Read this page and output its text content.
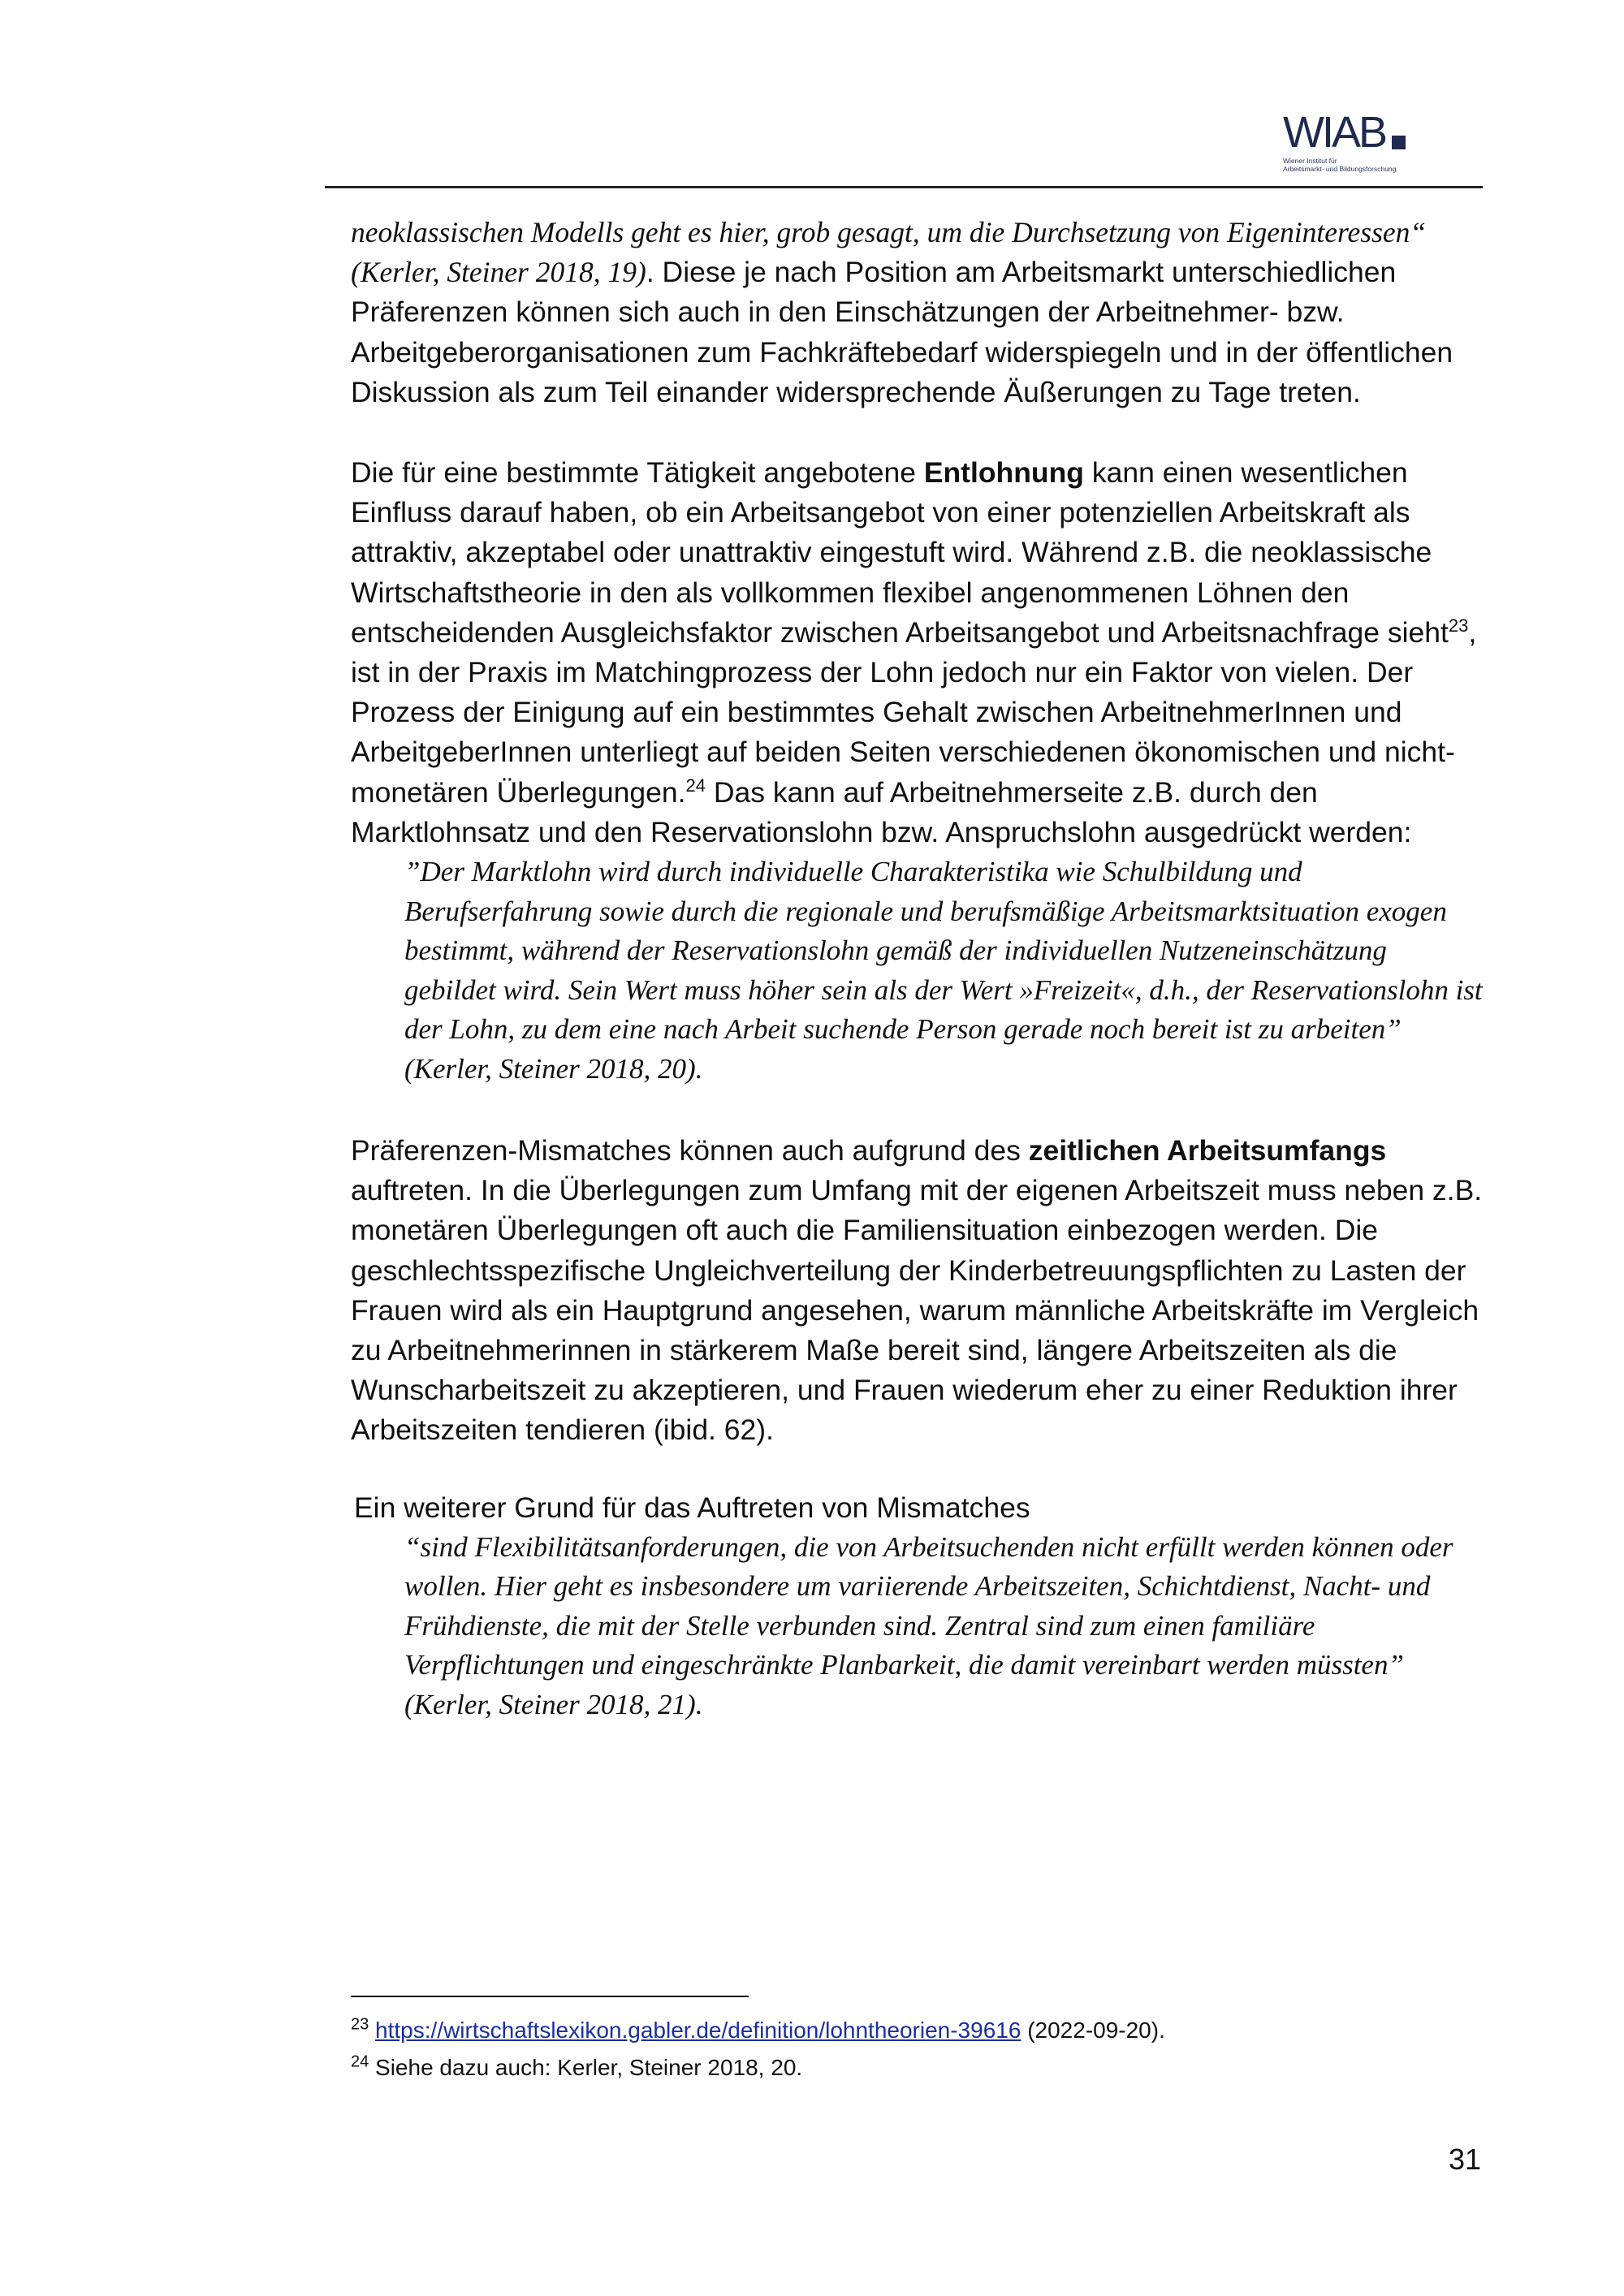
WIAB
Wiener Institut für
Arbeitsmarkt- und Bildungsforschung

neoklassischen Modells geht es hier, grob gesagt, um die Durchsetzung von Eigeninteressen“ (Kerler, Steiner 2018, 19). Diese je nach Position am Arbeitsmarkt unterschiedlichen Präferenzen können sich auch in den Einschätzungen der Arbeitnehmer- bzw. Arbeitgeberorganisationen zum Fachkräftebedarf widerspiegeln und in der öffentlichen Diskussion als zum Teil einander widersprechende Äußerungen zu Tage treten.

Die für eine bestimmte Tätigkeit angebotene Entlohnung kann einen wesentlichen Einfluss darauf haben, ob ein Arbeitsangebot von einer potenziellen Arbeitskraft als attraktiv, akzeptabel oder unattraktiv eingestuft wird. Während z.B. die neoklassische Wirtschaftstheorie in den als vollkommen flexibel angenommenen Löhnen den entscheidenden Ausgleichsfaktor zwischen Arbeitsangebot und Arbeitsnachfrage sieht$^{23}$, ist in der Praxis im Matchingprozess der Lohn jedoch nur ein Faktor von vielen. Der Prozess der Einigung auf ein bestimmtes Gehalt zwischen ArbeitnehmerInnen und ArbeitgeberInnen unterliegt auf beiden Seiten verschiedenen ökonomischen und nicht-monetären Überlegungen.$^{24}$ Das kann auf Arbeitnehmerseite z.B. durch den Marktlohnsatz und den Reservationslohn bzw. Anspruchslohn ausgedrückt werden:

”Der Marktlohn wird durch individuelle Charakteristika wie Schulbildung und Berufserfahrung sowie durch die regionale und berufsmäßige Arbeitsmarktsituation exogen bestimmt, während der Reservationslohn gemäß der individuellen Nutzeneinschätzung gebildet wird. Sein Wert muss höher sein als der Wert »Freizeit«, d.h., der Reservationslohn ist der Lohn, zu dem eine nach Arbeit suchende Person gerade noch bereit ist zu arbeiten” (Kerler, Steiner 2018, 20).

Präferenzen-Mismatches können auch aufgrund des zeitlichen Arbeitsumfangs auftreten. In die Überlegungen zum Umfang mit der eigenen Arbeitszeit muss neben z.B. monetären Überlegungen oft auch die Familiensituation einbezogen werden. Die geschlechtsspezifische Ungleichverteilung der Kinderbetreuungspflichten zu Lasten der Frauen wird als ein Hauptgrund angesehen, warum männliche Arbeitskräfte im Vergleich zu Arbeitnehmerinnen in stärkerem Maße bereit sind, längere Arbeitszeiten als die Wunscharbeitszeit zu akzeptieren, und Frauen wiederum eher zu einer Reduktion ihrer Arbeitszeiten tendieren (ibid. 62).

Ein weiterer Grund für das Auftreten von Mismatches

“sind Flexibilitätsanforderungen, die von Arbeitsuchenden nicht erfüllt werden können oder wollen. Hier geht es insbesondere um variierende Arbeitszeiten, Schichtdienst, Nacht- und Frühdienste, die mit der Stelle verbunden sind. Zentral sind zum einen familiäre Verpflichtungen und eingeschränkte Planbarkeit, die damit vereinbart werden müssten” (Kerler, Steiner 2018, 21).

$^{23}$ https://wirtschaftslexikon.gabler.de/definition/lohntheorien-39616 (2022-09-20).

$^{24}$ Siehe dazu auch: Kerler, Steiner 2018, 20.

31
